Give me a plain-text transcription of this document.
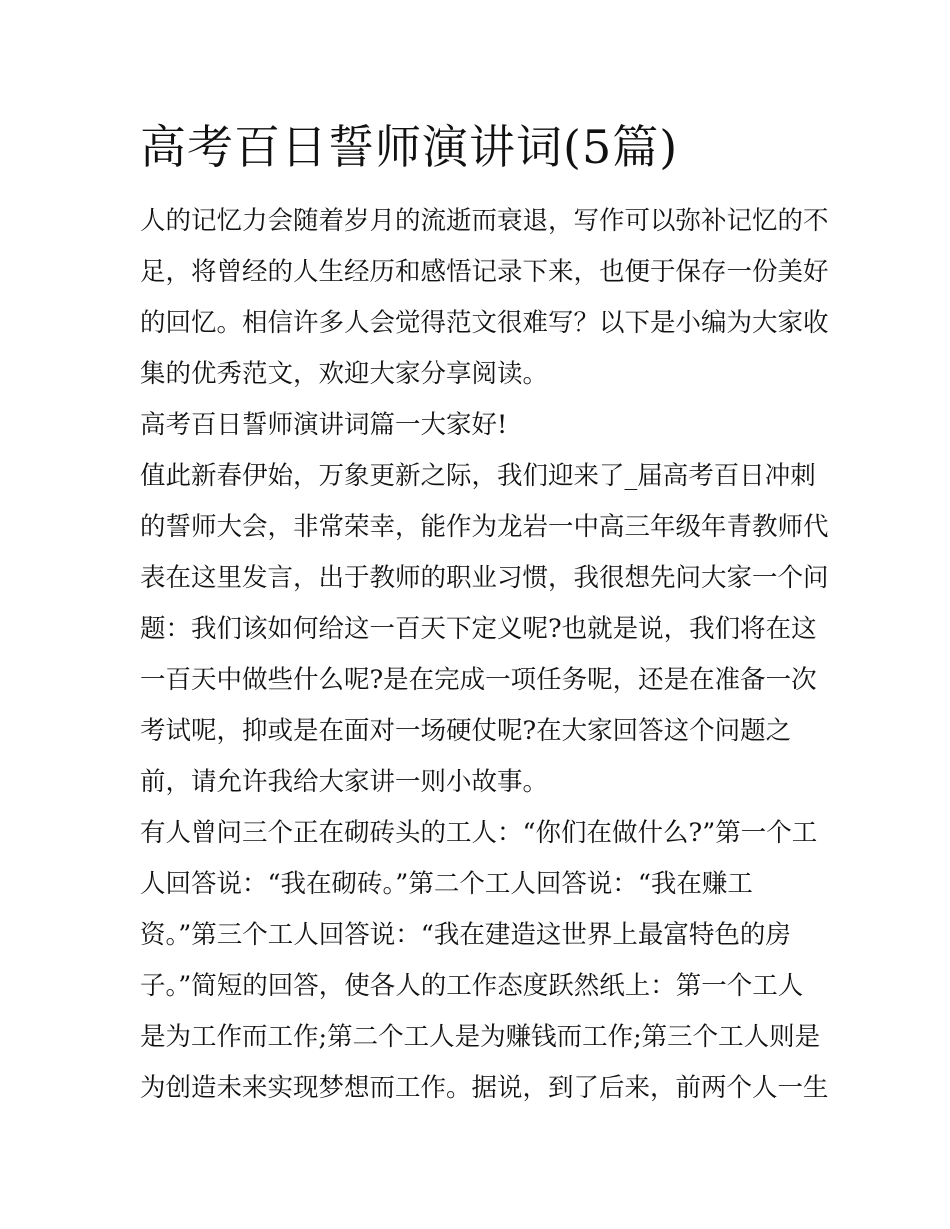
高考百日誓师演讲词(5篇)
人的记忆力会随着岁月的流逝而衰退，写作可以弥补记忆的不
足，将曾经的人生经历和感悟记录下来，也便于保存一份美好
的回忆。相信许多人会觉得范文很难写？以下是小编为大家收
集的优秀范文，欢迎大家分享阅读。
高考百日誓师演讲词篇一大家好!
值此新春伊始，万象更新之际，我们迎来了_届高考百日冲刺
的誓师大会，非常荣幸，能作为龙岩一中高三年级年青教师代
表在这里发言，出于教师的职业习惯，我很想先问大家一个问
题：我们该如何给这一百天下定义呢?也就是说，我们将在这
一百天中做些什么呢?是在完成一项任务呢，还是在准备一次
考试呢，抑或是在面对一场硬仗呢?在大家回答这个问题之
前，请允许我给大家讲一则小故事。
有人曾问三个正在砌砖头的工人：“你们在做什么?”第一个工
人回答说：“我在砌砖。”第二个工人回答说：“我在赚工
资。”第三个工人回答说：“我在建造这世界上最富特色的房
子。”简短的回答，使各人的工作态度跃然纸上：第一个工人
是为工作而工作;第二个工人是为赚钱而工作;第三个工人则是
为创造未来实现梦想而工作。据说，到了后来，前两个人一生
